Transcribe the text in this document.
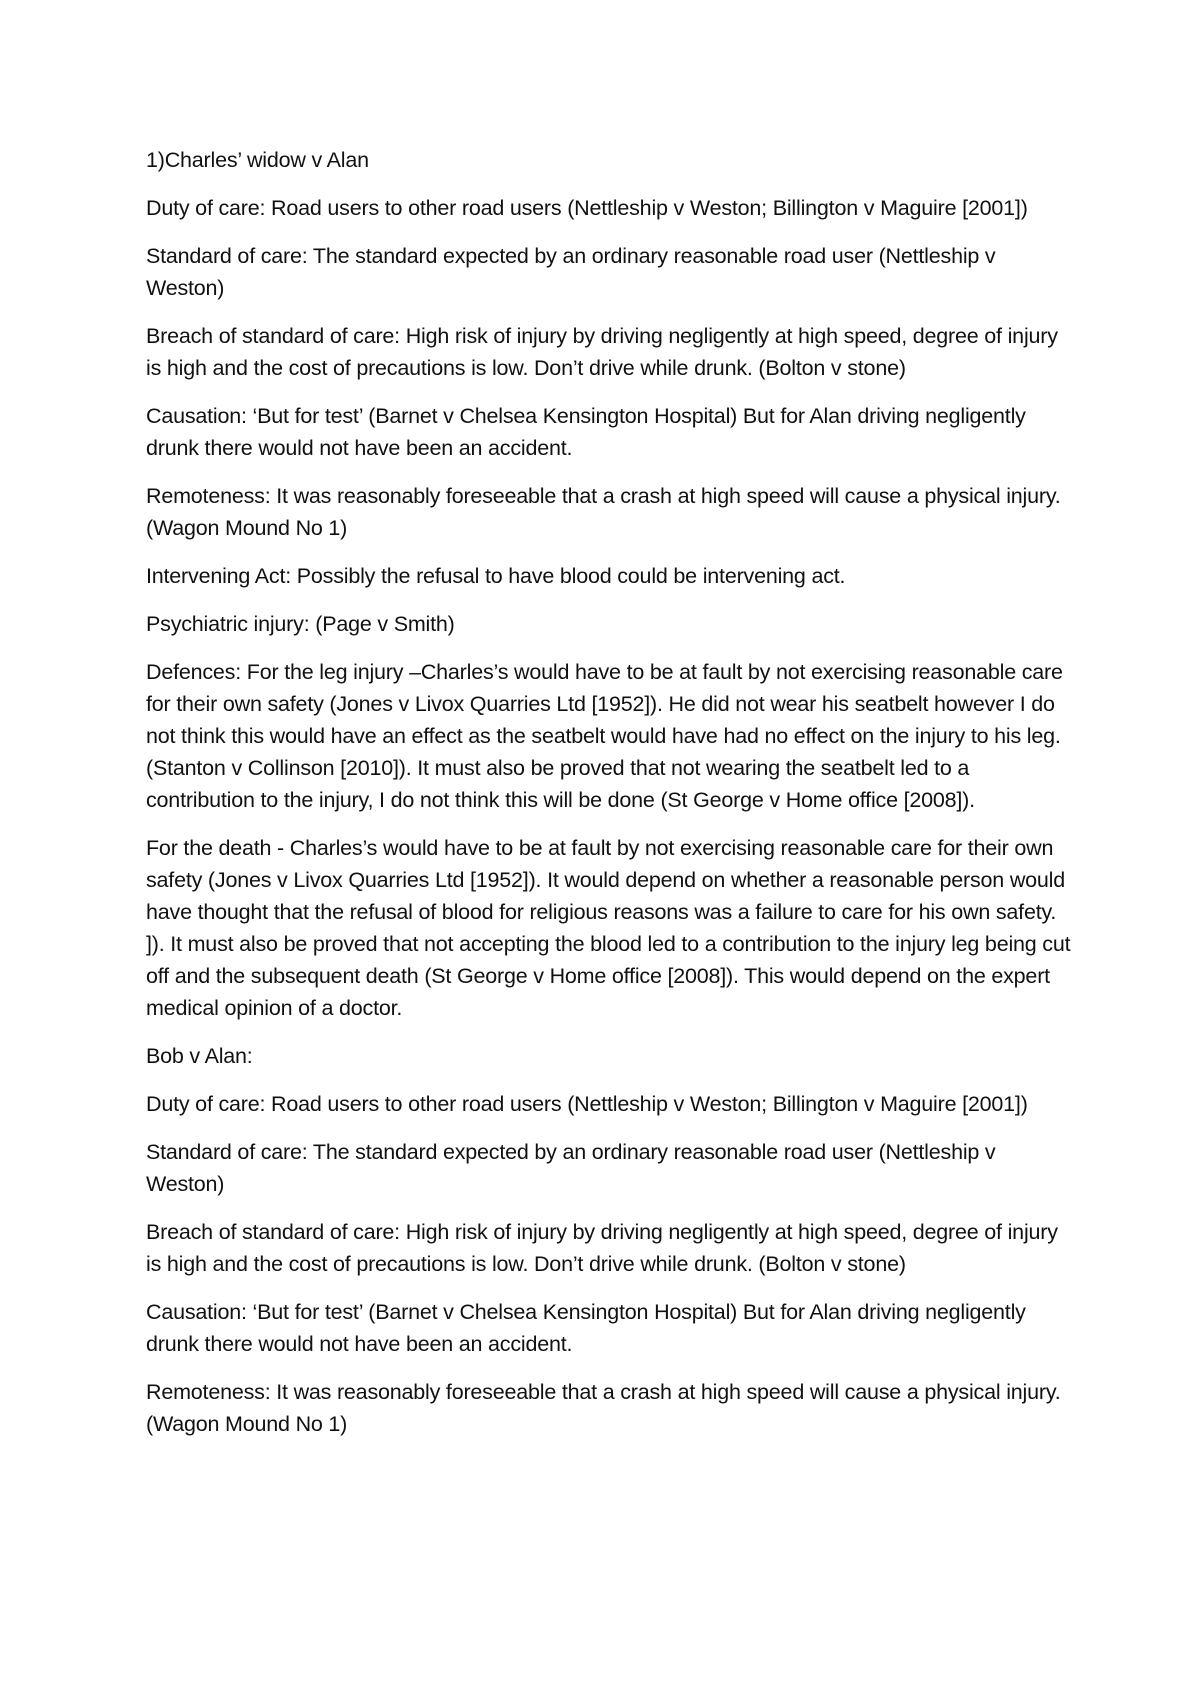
1)Charles’ widow v Alan

Duty of care: Road users to other road users (Nettleship v Weston; Billington v Maguire [2001])

Standard of care: The standard expected by an ordinary reasonable road user (Nettleship v Weston)

Breach of standard of care: High risk of injury by driving negligently at high speed, degree of injury is high and the cost of precautions is low. Don’t drive while drunk. (Bolton v stone)

Causation: ‘But for test’ (Barnet v Chelsea Kensington Hospital) But for Alan driving negligently drunk there would not have been an accident.

Remoteness: It was reasonably foreseeable that a crash at high speed will cause a physical injury. (Wagon Mound No 1)

Intervening Act: Possibly the refusal to have blood could be intervening act.

Psychiatric injury: (Page v Smith)

Defences: For the leg injury –Charles’s would have to be at fault by not exercising reasonable care for their own safety (Jones v Livox Quarries Ltd [1952]). He did not wear his seatbelt however I do not think this would have an effect as the seatbelt would have had no effect on the injury to his leg. (Stanton v Collinson [2010]). It must also be proved that not wearing the seatbelt led to a contribution to the injury, I do not think this will be done (St George v Home office [2008]).

For the death - Charles’s would have to be at fault by not exercising reasonable care for their own safety (Jones v Livox Quarries Ltd [1952]). It would depend on whether a reasonable person would have thought that the refusal of blood for religious reasons was a failure to care for his own safety. ]). It must also be proved that not accepting the blood led to a contribution to the injury leg being cut off and the subsequent death (St George v Home office [2008]). This would depend on the expert medical opinion of a doctor.

Bob v Alan:

Duty of care: Road users to other road users (Nettleship v Weston; Billington v Maguire [2001])

Standard of care: The standard expected by an ordinary reasonable road user (Nettleship v Weston)

Breach of standard of care: High risk of injury by driving negligently at high speed, degree of injury is high and the cost of precautions is low. Don’t drive while drunk. (Bolton v stone)

Causation: ‘But for test’ (Barnet v Chelsea Kensington Hospital) But for Alan driving negligently drunk there would not have been an accident.

Remoteness: It was reasonably foreseeable that a crash at high speed will cause a physical injury. (Wagon Mound No 1)
